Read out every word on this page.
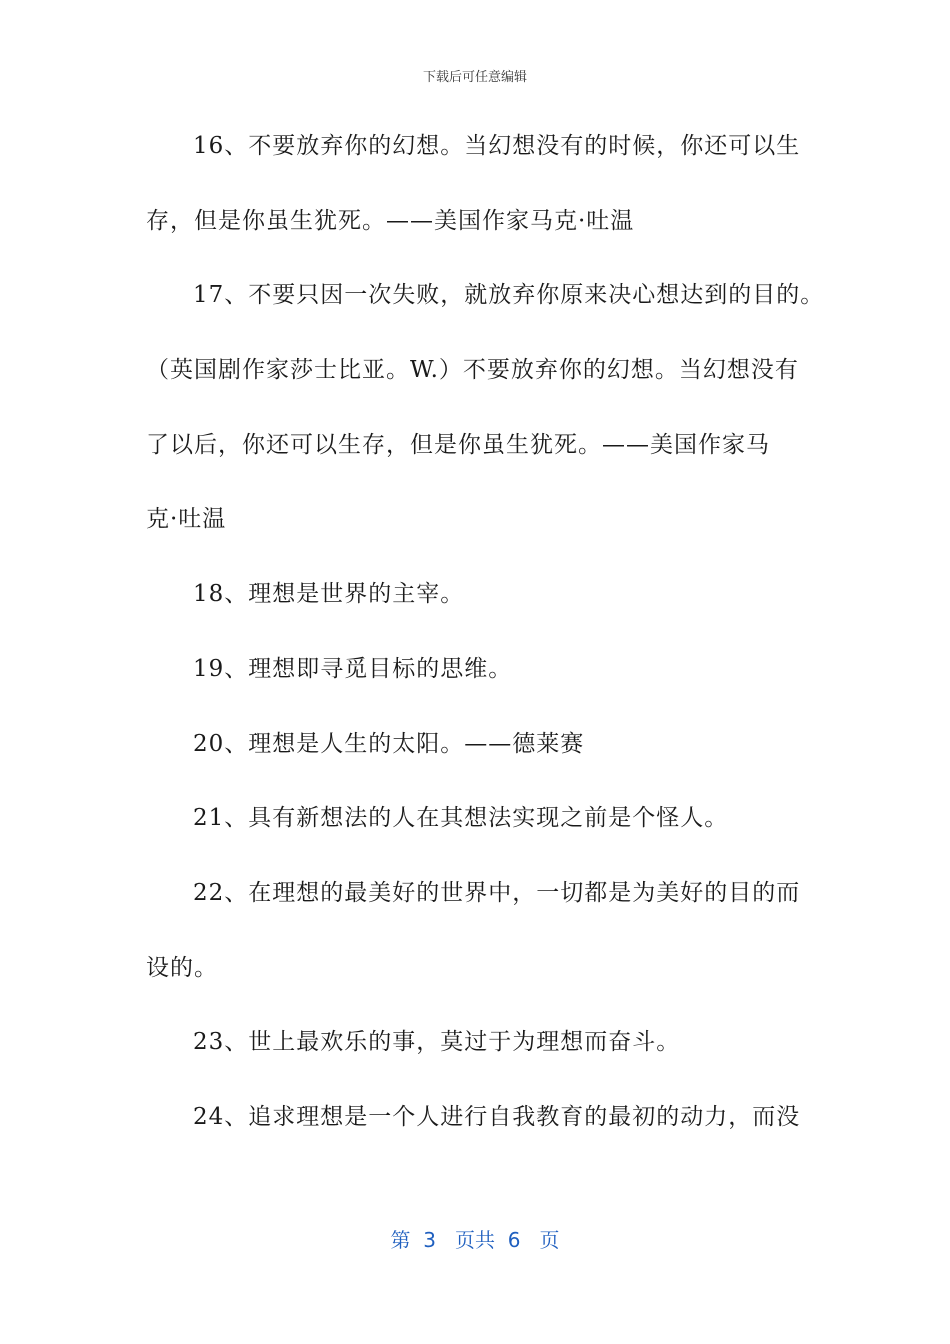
下载后可任意编辑
16、不要放弃你的幻想。当幻想没有的时候，你还可以生
存，但是你虽生犹死。——美国作家马克·吐温
17、不要只因一次失败，就放弃你原来决心想达到的目的。
（英国剧作家莎士比亚。W.）不要放弃你的幻想。当幻想没有
了以后，你还可以生存，但是你虽生犹死。——美国作家马
克·吐温
18、理想是世界的主宰。
19、理想即寻觅目标的思维。
20、理想是人生的太阳。——德莱赛
21、具有新想法的人在其想法实现之前是个怪人。
22、在理想的最美好的世界中，一切都是为美好的目的而
设的。
23、世上最欢乐的事，莫过于为理想而奋斗。
24、追求理想是一个人进行自我教育的最初的动力，而没
第  3   页共  6   页
